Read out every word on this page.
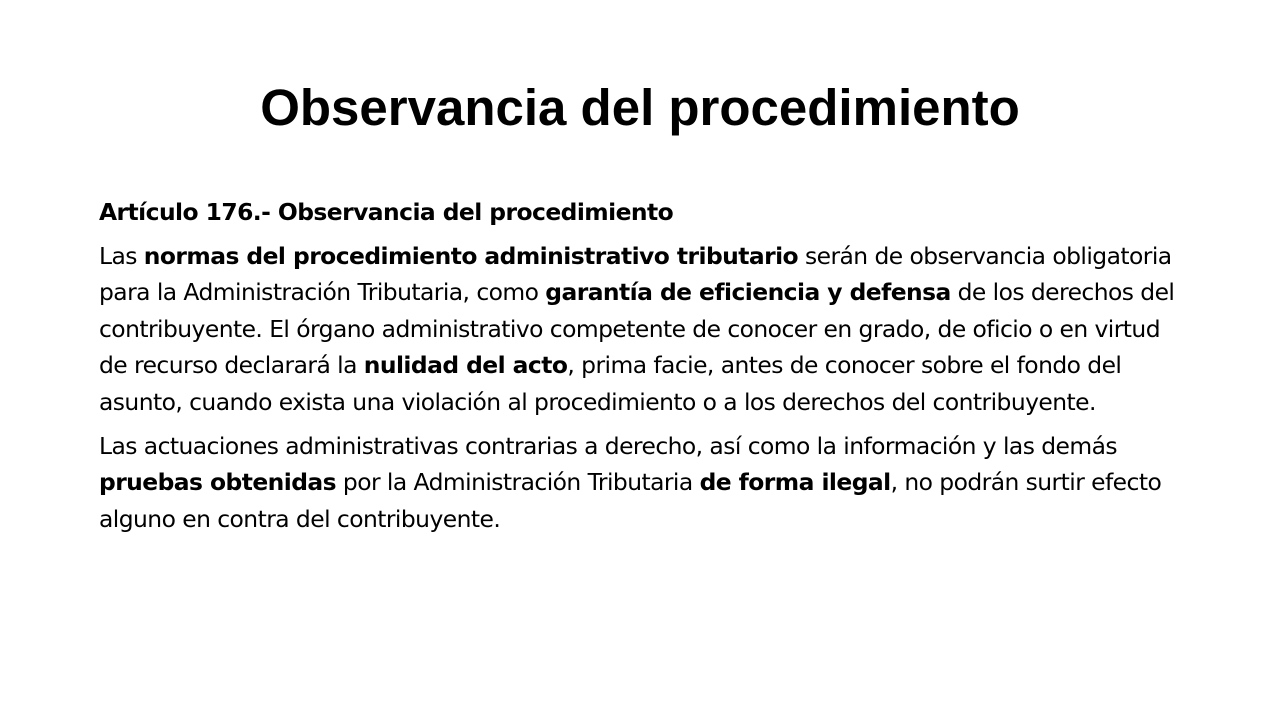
Observancia del procedimiento

Artículo 176.- Observancia del procedimiento

Las normas del procedimiento administrativo tributario serán de observancia obligatoria para la Administración Tributaria, como garantía de eficiencia y defensa de los derechos del contribuyente. El órgano administrativo competente de conocer en grado, de oficio o en virtud de recurso declarará la nulidad del acto, prima facie, antes de conocer sobre el fondo del asunto, cuando exista una violación al procedimiento o a los derechos del contribuyente.

Las actuaciones administrativas contrarias a derecho, así como la información y las demás pruebas obtenidas por la Administración Tributaria de forma ilegal, no podrán surtir efecto alguno en contra del contribuyente.
